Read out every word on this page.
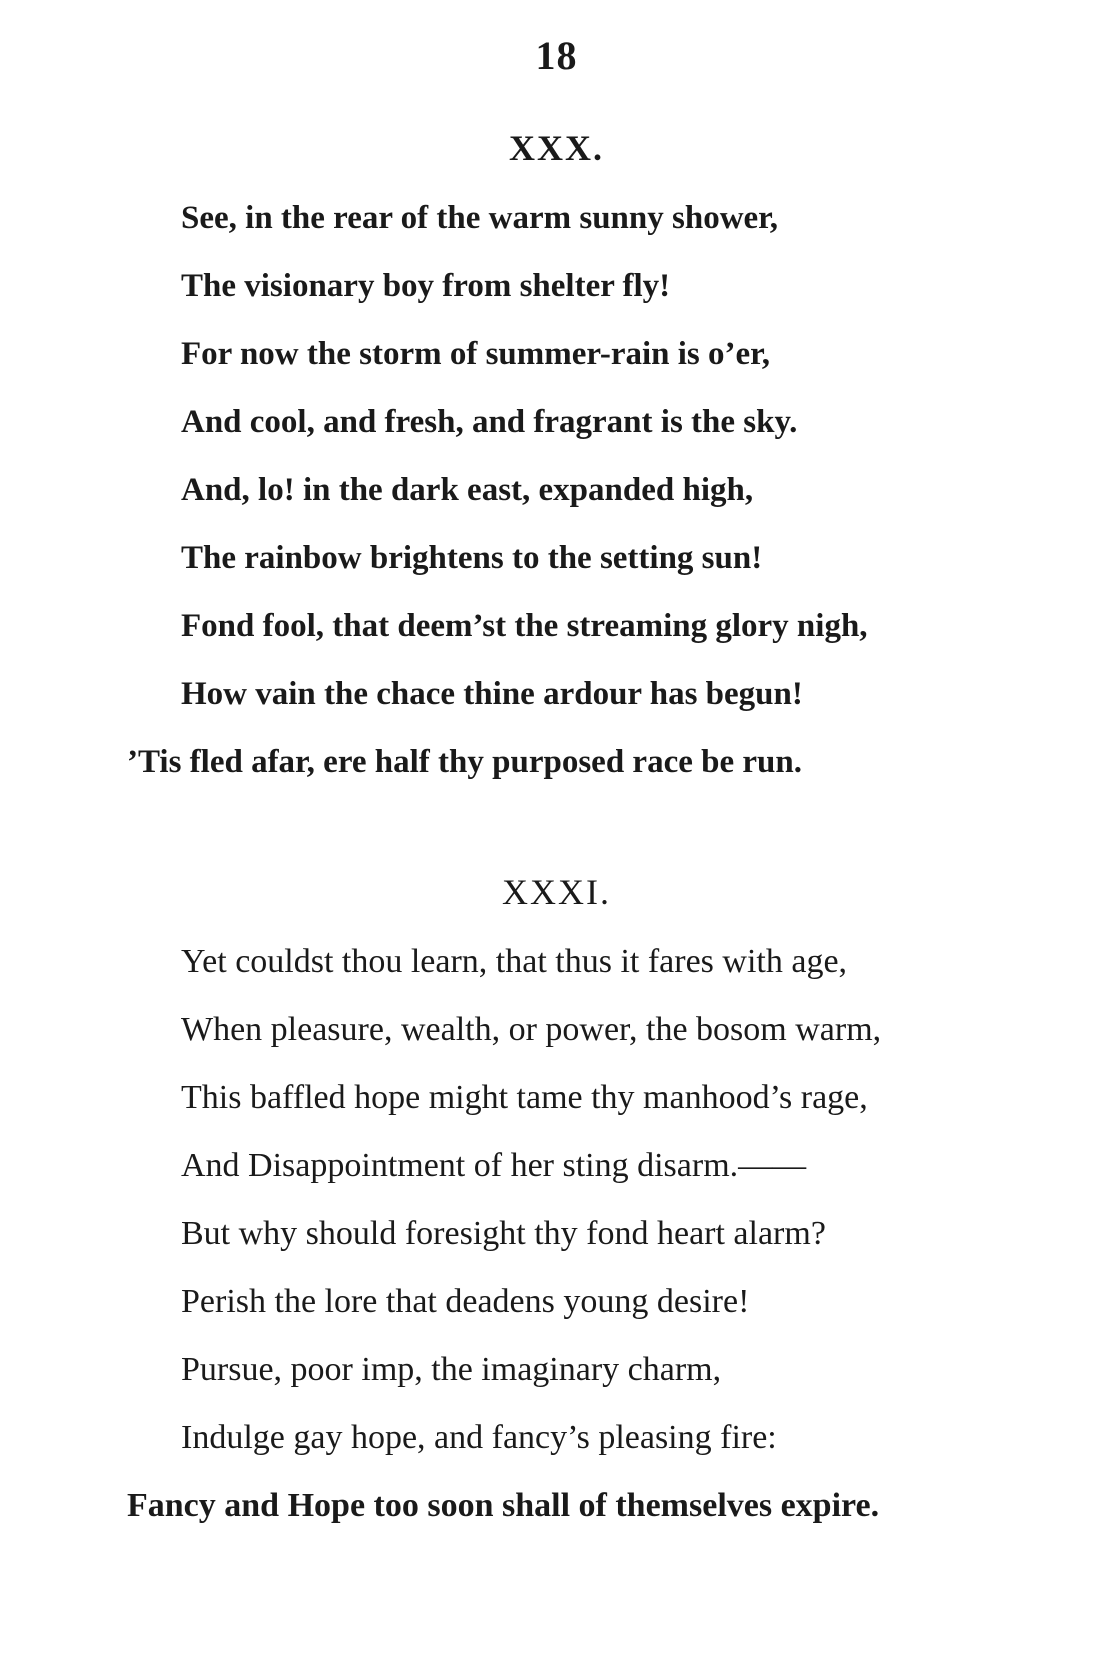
18
XXX.
See, in the rear of the warm sunny shower,
The visionary boy from shelter fly!
For now the storm of summer-rain is o’er,
And cool, and fresh, and fragrant is the sky.
And, lo! in the dark east, expanded high,
The rainbow brightens to the setting sun!
Fond fool, that deem’st the streaming glory nigh,
How vain the chace thine ardour has begun!
’Tis fled afar, ere half thy purposed race be run.
XXXI.
Yet couldst thou learn, that thus it fares with age,
When pleasure, wealth, or power, the bosom warm,
This baffled hope might tame thy manhood’s rage,
And Disappointment of her sting disarm.——
But why should foresight thy fond heart alarm?
Perish the lore that deadens young desire!
Pursue, poor imp, the imaginary charm,
Indulge gay hope, and fancy’s pleasing fire:
Fancy and Hope too soon shall of themselves expire.
